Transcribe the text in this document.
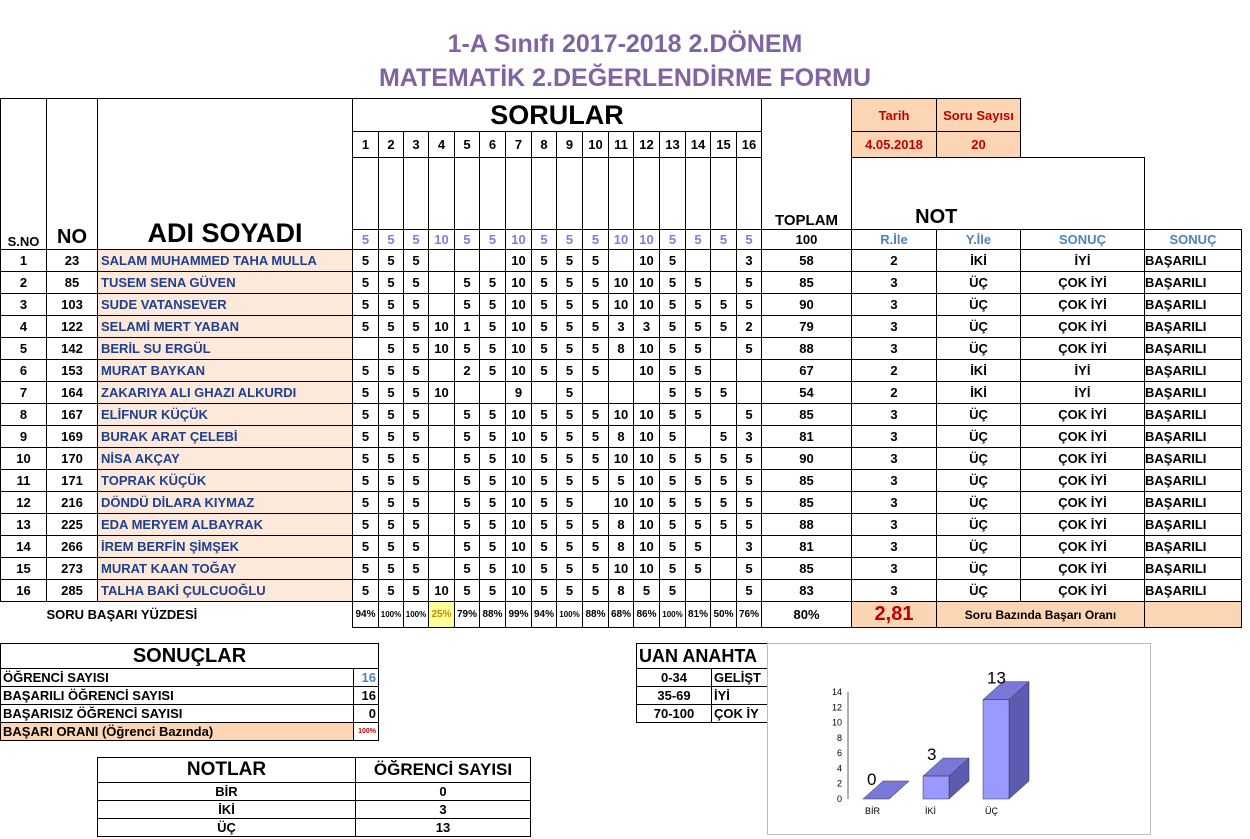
1-A Sınıfı 2017-2018 2.DÖNEM
MATEMATİK 2.DEĞERLENDİRME FORMU
S.NO	NO	ADI SOYADI	SORULAR																TOPLAM	Tarih	Soru Sayısı		
			1	2	3	4	5	6	7	8	9	10	11	12	13	14	15	16		4.05.2018	20		
																				NOT			
			5	5	5	10	5	5	10	5	5	5	10	10	5	5	5	5	100	R.İle	Y.İle	SONUÇ	SONUÇ
1	23	SALAM MUHAMMED TAHA MULLA	5	5	5				10	5	5	5		10	5			3	58	2	İKİ	İYİ	BAŞARILI
2	85	TUSEM SENA GÜVEN	5	5	5		5	5	10	5	5	5	10	10	5	5		5	85	3	ÜÇ	ÇOK İYİ	BAŞARILI
3	103	SUDE VATANSEVER	5	5	5		5	5	10	5	5	5	10	10	5	5	5	5	90	3	ÜÇ	ÇOK İYİ	BAŞARILI
4	122	SELAMİ MERT YABAN	5	5	5	10	1	5	10	5	5	5	3	3	5	5	5	2	79	3	ÜÇ	ÇOK İYİ	BAŞARILI
5	142	BERİL SU ERGÜL		5	5	10	5	5	10	5	5	5	8	10	5	5		5	88	3	ÜÇ	ÇOK İYİ	BAŞARILI
6	153	MURAT BAYKAN	5	5	5		2	5	10	5	5	5		10	5	5			67	2	İKİ	İYİ	BAŞARILI
7	164	ZAKARIYA ALI GHAZI ALKURDI	5	5	5	10			9		5				5	5	5		54	2	İKİ	İYİ	BAŞARILI
8	167	ELİFNUR KÜÇÜK	5	5	5		5	5	10	5	5	5	10	10	5	5		5	85	3	ÜÇ	ÇOK İYİ	BAŞARILI
9	169	BURAK ARAT ÇELEBİ	5	5	5		5	5	10	5	5	5	8	10	5		5	3	81	3	ÜÇ	ÇOK İYİ	BAŞARILI
10	170	NİSA AKÇAY	5	5	5		5	5	10	5	5	5	10	10	5	5	5	5	90	3	ÜÇ	ÇOK İYİ	BAŞARILI
11	171	TOPRAK KÜÇÜK	5	5	5		5	5	10	5	5	5	5	10	5	5	5	5	85	3	ÜÇ	ÇOK İYİ	BAŞARILI
12	216	DÖNDÜ DİLARA KIYMAZ	5	5	5		5	5	10	5	5		10	10	5	5	5	5	85	3	ÜÇ	ÇOK İYİ	BAŞARILI
13	225	EDA MERYEM ALBAYRAK	5	5	5		5	5	10	5	5	5	8	10	5	5	5	5	88	3	ÜÇ	ÇOK İYİ	BAŞARILI
14	266	İREM BERFİN ŞİMŞEK	5	5	5		5	5	10	5	5	5	8	10	5	5		3	81	3	ÜÇ	ÇOK İYİ	BAŞARILI
15	273	MURAT KAAN TOĞAY	5	5	5		5	5	10	5	5	5	10	10	5	5		5	85	3	ÜÇ	ÇOK İYİ	BAŞARILI
16	285	TALHA BAKİ ÇULCUOĞLU	5	5	5	10	5	5	10	5	5	5	8	5	5			5	83	3	ÜÇ	ÇOK İYİ	BAŞARILI
SORU BAŞARI YÜZDESİ			94%	100%	100%	25%	79%	88%	99%	94%	100%	88%	68%	86%	100%	81%	50%	76%	80%	2,81	Soru Bazında Başarı Oranı		
SONUÇLAR	
ÖĞRENCİ SAYISI	16
BAŞARILI ÖĞRENCİ SAYISI	16
BAŞARISIZ ÖĞRENCİ SAYISI	0
BAŞARI ORANI (Öğrenci Bazında)	100%
UAN ANAHTA	
0-34	GELİŞT
35-69	İYİ
70-100	ÇOK İY
NOTLAR	ÖĞRENCİ SAYISI
BİR	0
İKİ	3
ÜÇ	13
0
2
4
6
8
10
12
14
0
BİR
3
İKİ
13
ÜÇ
